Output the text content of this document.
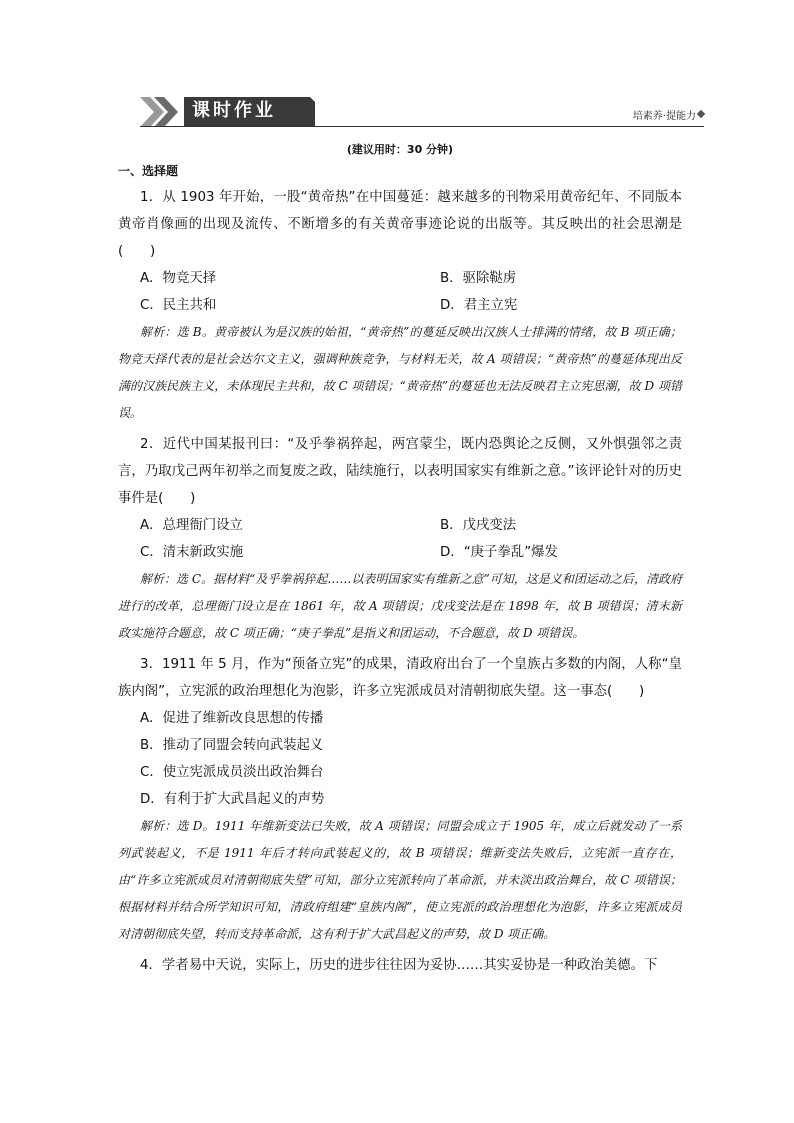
课时作业	培素养·提能力
(建议用时：30 分钟)
一、选择题

1．从 1903 年开始，一股“黄帝热”在中国蔓延：越来越多的刊物采用黄帝纪年、不同版本黄帝肖像画的出现及流传、不断增多的有关黄帝事迹论说的出版等。其反映出的社会思潮是(　　)

A．物竞天择	B．驱除鞑虏
C．民主共和	D．君主立宪

解析：选 B。黄帝被认为是汉族的始祖，“黄帝热”的蔓延反映出汉族人士排满的情绪，故 B 项正确；物竞天择代表的是社会达尔文主义，强调种族竞争，与材料无关，故 A 项错误；“黄帝热”的蔓延体现出反满的汉族民族主义，未体现民主共和，故 C 项错误；“黄帝热”的蔓延也无法反映君主立宪思潮，故 D 项错误。

2．近代中国某报刊曰：“及乎拳祸猝起，两宫蒙尘，既内恐舆论之反侧，又外惧强邻之责言，乃取戊己两年初举之而复废之政，陆续施行，以表明国家实有维新之意。”该评论针对的历史事件是(　　)

A．总理衙门设立	B．戊戌变法
C．清末新政实施	D．“庚子拳乱”爆发

解析：选 C。据材料“及乎拳祸猝起……以表明国家实有维新之意”可知，这是义和团运动之后，清政府进行的改革，总理衙门设立是在 1861 年，故 A 项错误；戊戌变法是在 1898 年，故 B 项错误；清末新政实施符合题意，故 C 项正确；“庚子拳乱”是指义和团运动，不合题意，故 D 项错误。

3．1911 年 5 月，作为“预备立宪”的成果，清政府出台了一个皇族占多数的内阁，人称“皇族内阁”，立宪派的政治理想化为泡影，许多立宪派成员对清朝彻底失望。这一事态(　　)

A．促进了维新改良思想的传播
B．推动了同盟会转向武装起义
C．使立宪派成员淡出政治舞台
D．有利于扩大武昌起义的声势

解析：选 D。1911 年维新变法已失败，故 A 项错误；同盟会成立于 1905 年，成立后就发动了一系列武装起义，不是 1911 年后才转向武装起义的，故 B 项错误；维新变法失败后，立宪派一直存在，由“许多立宪派成员对清朝彻底失望”可知，部分立宪派转向了革命派，并未淡出政治舞台，故 C 项错误；根据材料并结合所学知识可知，清政府组建“皇族内阁”，使立宪派的政治理想化为泡影，许多立宪派成员对清朝彻底失望，转而支持革命派，这有利于扩大武昌起义的声势，故 D 项正确。

4．学者易中天说，实际上，历史的进步往往因为妥协……其实妥协是一种政治美德。下
